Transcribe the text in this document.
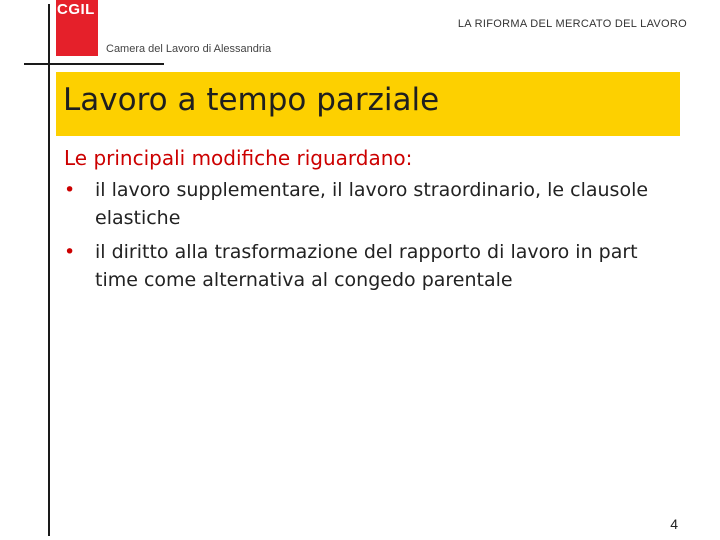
CGIL
LA RIFORMA DEL MERCATO DEL LAVORO
Camera del Lavoro di Alessandria
Lavoro a tempo parziale

Le principali modifiche riguardano:

• il lavoro supplementare, il lavoro straordinario, le clausole elastiche
• il diritto alla trasformazione del rapporto di lavoro in part time come alternativa al congedo parentale
4
